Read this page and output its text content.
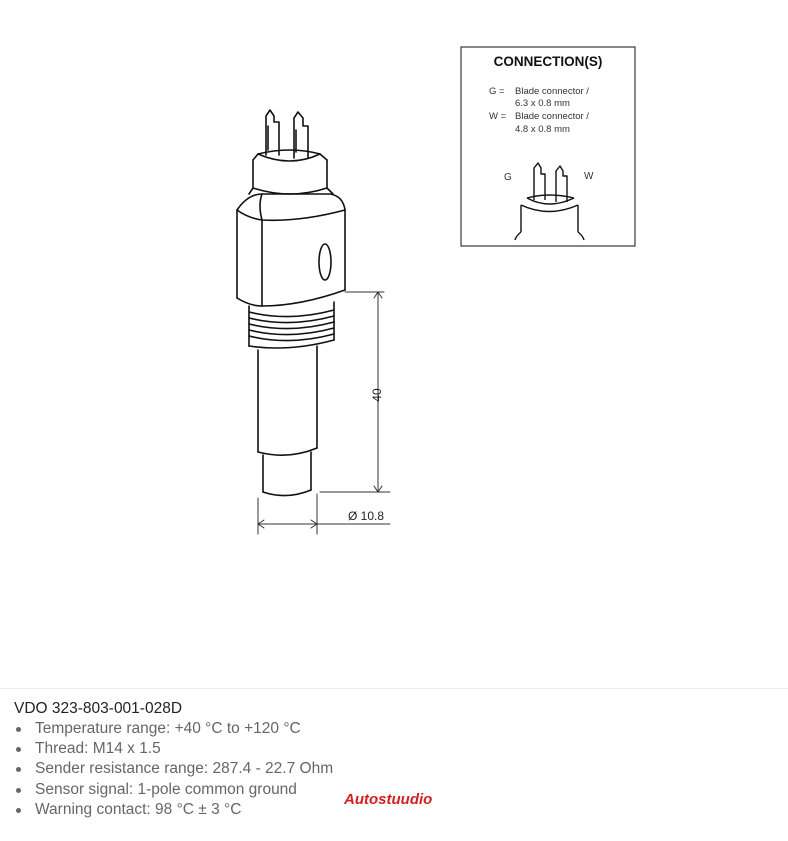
40
Ø 10.8
CONNECTION(S)
G = Blade connector /
6.3 x 0.8 mm
W = Blade connector /
4.8 x 0.8 mm
G	W
VDO 323-803-001-028D
Temperature range: +40 °C to +120 °C
Thread: M14 x 1.5
Sender resistance range: 287.4 - 22.7 Ohm
Sensor signal: 1-pole common ground
Warning contact: 98 °C ± 3 °C
Autostuudio
